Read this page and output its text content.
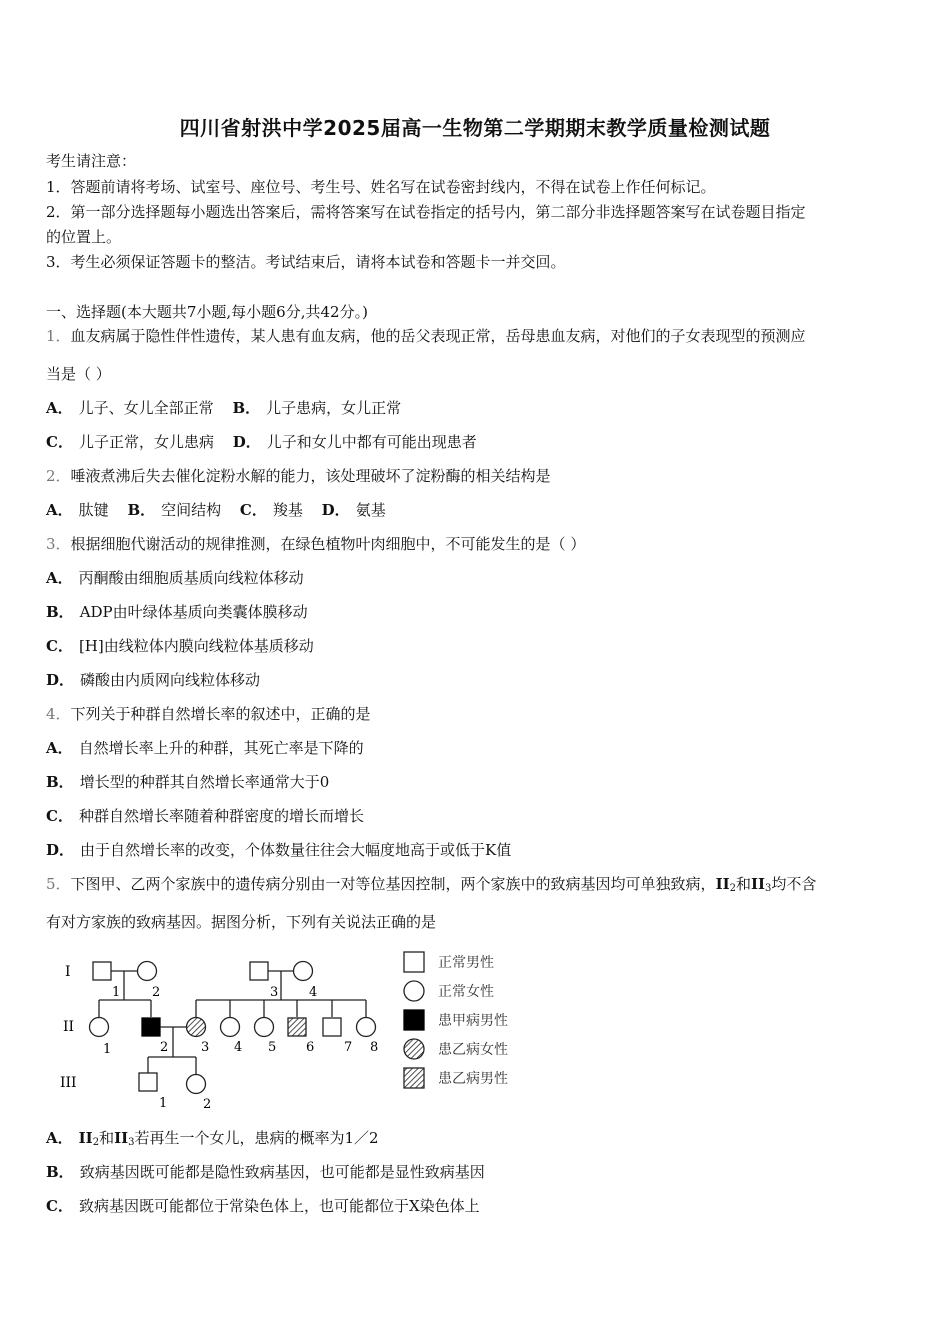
四川省射洪中学2025届高一生物第二学期期末教学质量检测试题
考生请注意：
1．答题前请将考场、试室号、座位号、考生号、姓名写在试卷密封线内，不得在试卷上作任何标记。
2．第一部分选择题每小题选出答案后，需将答案写在试卷指定的括号内，第二部分非选择题答案写在试卷题目指定
的位置上。
3．考生必须保证答题卡的整洁。考试结束后，请将本试卷和答题卡一并交回。
一、选择题(本大题共7小题,每小题6分,共42分。)
1．血友病属于隐性伴性遗传，某人患有血友病，他的岳父表现正常，岳母患血友病，对他们的子女表现型的预测应
当是（ ）
A． 儿子、女儿全部正常 B． 儿子患病，女儿正常
C． 儿子正常，女儿患病 D． 儿子和女儿中都有可能出现患者
2．唾液煮沸后失去催化淀粉水解的能力，该处理破坏了淀粉酶的相关结构是
A． 肽键 B． 空间结构 C． 羧基 D． 氨基
3．根据细胞代谢活动的规律推测，在绿色植物叶肉细胞中，不可能发生的是（ ）
A． 丙酮酸由细胞质基质向线粒体移动
B． ADP由叶绿体基质向类囊体膜移动
C． [H]由线粒体内膜向线粒体基质移动
D． 磷酸由内质网向线粒体移动
4．下列关于种群自然增长率的叙述中，正确的是
A． 自然增长率上升的种群，其死亡率是下降的
B． 增长型的种群其自然增长率通常大于0
C． 种群自然增长率随着种群密度的增长而增长
D． 由于自然增长率的改变，个体数量往往会大幅度地高于或低于K值
5．下图甲、乙两个家族中的遗传病分别由一对等位基因控制，两个家族中的致病基因均可单独致病，$II_2$和$II_3$均不含
有对方家族的致病基因。据图分析，下列有关说法正确的是
I
II
III
1 2	3 4
1	2	3 4 5 6 7 8
1	2
正常男性
正常女性
患甲病男性
患乙病女性
患乙病男性
A． $II_2$和$II_3$若再生一个女儿，患病的概率为1／2
B． 致病基因既可能都是隐性致病基因，也可能都是显性致病基因
C． 致病基因既可能都位于常染色体上，也可能都位于X染色体上
